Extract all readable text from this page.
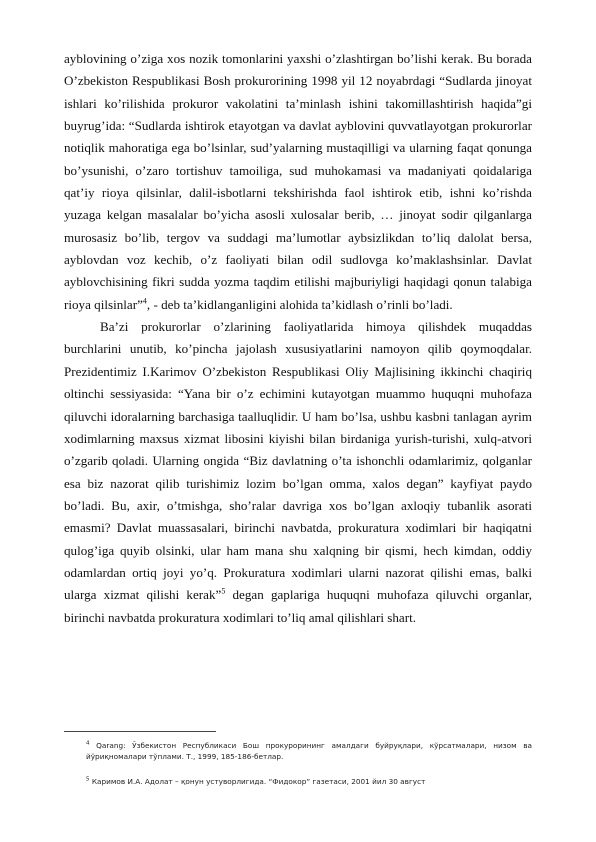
ayblovining o’ziga xos nozik tomonlarini yaxshi o’zlashtirgan bo’lishi kerak. Bu borada O’zbekiston Respublikasi Bosh prokurorining 1998 yil 12 noyabrdagi “Sudlarda jinoyat ishlari ko’rilishida prokuror vakolatini ta’minlash ishini takomillashtirish haqida”gi buyrug’ida: “Sudlarda ishtirok etayotgan va davlat ayblovini quvvatlayotgan prokurorlar notiqlik mahoratiga ega bo’lsinlar, sud’yalarning mustaqilligi va ularning faqat qonunga bo’ysunishi, o’zaro tortishuv tamoiliga, sud muhokamasi va madaniyati qoidalariga qat’iy rioya qilsinlar, dalil-isbotlarni tekshirishda faol ishtirok etib, ishni ko’rishda yuzaga kelgan masalalar bo’yicha asosli xulosalar berib, … jinoyat sodir qilganlarga murosasiz bo’lib, tergov va suddagi ma’lumotlar aybsizlikdan to’liq dalolat bersa, ayblovdan voz kechib, o’z faoliyati bilan odil sudlovga ko’maklashsinlar. Davlat ayblovchisining fikri sudda yozma taqdim etilishi majburiyligi haqidagi qonun talabiga rioya qilsinlar”$^4$, - deb ta’kidlanganligini alohida ta’kidlash o’rinli bo’ladi.

Ba’zi prokurorlar o’zlarining faoliyatlarida himoya qilishdek muqaddas burchlarini unutib, ko’pincha jajolash xususiyatlarini namoyon qilib qoymoqdalar. Prezidentimiz I.Karimov O’zbekiston Respublikasi Oliy Majlisining ikkinchi chaqiriq oltinchi sessiyasida: “Yana bir o’z echimini kutayotgan muammo huquqni muhofaza qiluvchi idoralarning barchasiga taalluqlidir. U ham bo’lsa, ushbu kasbni tanlagan ayrim xodimlarning maxsus xizmat libosini kiyishi bilan birdaniga yurish-turishi, xulq-atvori o’zgarib qoladi. Ularning ongida “Biz davlatning o’ta ishonchli odamlarimiz, qolganlar esa biz nazorat qilib turishimiz lozim bo’lgan omma, xalos degan” kayfiyat paydo bo’ladi. Bu, axir, o’tmishga, sho’ralar davriga xos bo’lgan axloqiy tubanlik asorati emasmi? Davlat muassasalari, birinchi navbatda, prokuratura xodimlari bir haqiqatni qulog’iga quyib olsinki, ular ham mana shu xalqning bir qismi, hech kimdan, oddiy odamlardan ortiq joyi yo’q. Prokuratura xodimlari ularni nazorat qilishi emas, balki ularga xizmat qilishi kerak”$^5$ degan gaplariga huquqni muhofaza qiluvchi organlar, birinchi navbatda prokuratura xodimlari to’liq amal qilishlari shart.

$^4$ Qarang: Ўзбекистон Республикаси Бош прокурорининг амалдаги буйруқлари, кўрсатмалари, низом ва йўриқномалари тўплами. Т., 1999, 185-186-бетлар.

$^5$ Каримов И.А. Адолат – қонун устуворлигида. “Фидокор” газетаси, 2001 йил 30 август
